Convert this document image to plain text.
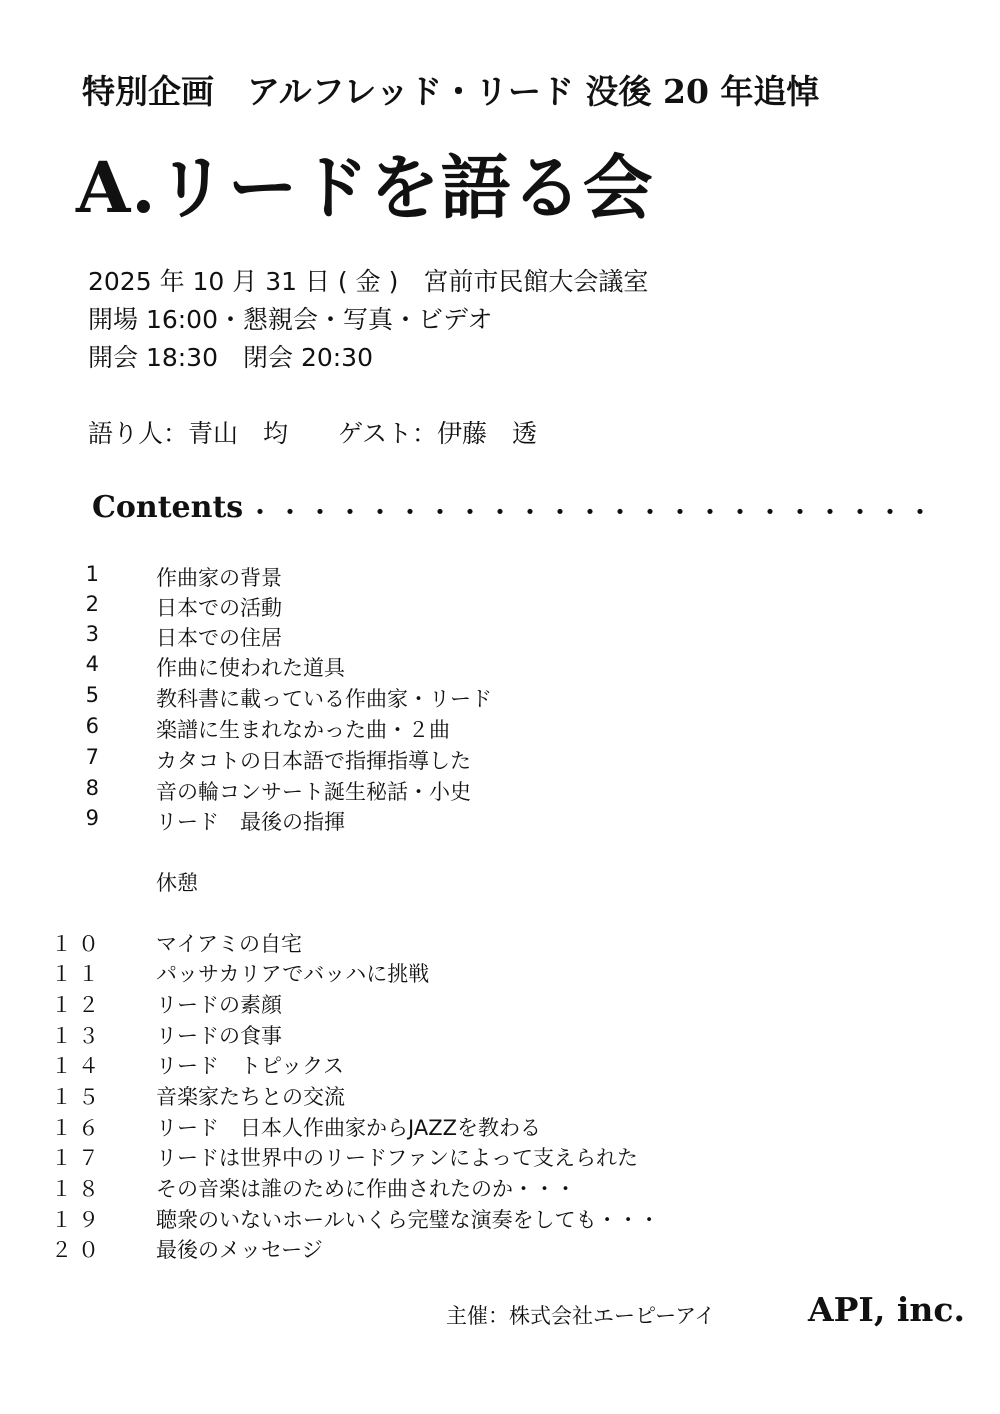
特別企画　アルフレッド・リード 没後 20 年追悼
A.リードを語る会
2025 年 10 月 31 日 ( 金 )　宮前市民館大会議室
開場 16:00・懇親会・写真・ビデオ
開会 18:30　閉会 20:30
語り人：青山　均　　ゲスト：伊藤　透
Contents ・・・・・・・・・・・・・・・・・・・・・・・
1 作曲家の背景
2 日本での活動
3 日本での住居
4 作曲に使われた道具
5 教科書に載っている作曲家・リード
6 楽譜に生まれなかった曲・２曲
7 カタコトの日本語で指揮指導した
8 音の輪コンサート誕生秘話・小史
9 リード　最後の指揮
休憩
１０ マイアミの自宅
１１ パッサカリアでバッハに挑戦
１２ リードの素顔
１３ リードの食事
１４ リード　トピックス
１５ 音楽家たちとの交流
１６ リード　日本人作曲家からJAZZを教わる
１７ リードは世界中のリードファンによって支えられた
１８ その音楽は誰のために作曲されたのか・・・
１９ 聴衆のいないホールいくら完璧な演奏をしても・・・
２０ 最後のメッセージ
主催：株式会社エーピーアイ	API, inc.
